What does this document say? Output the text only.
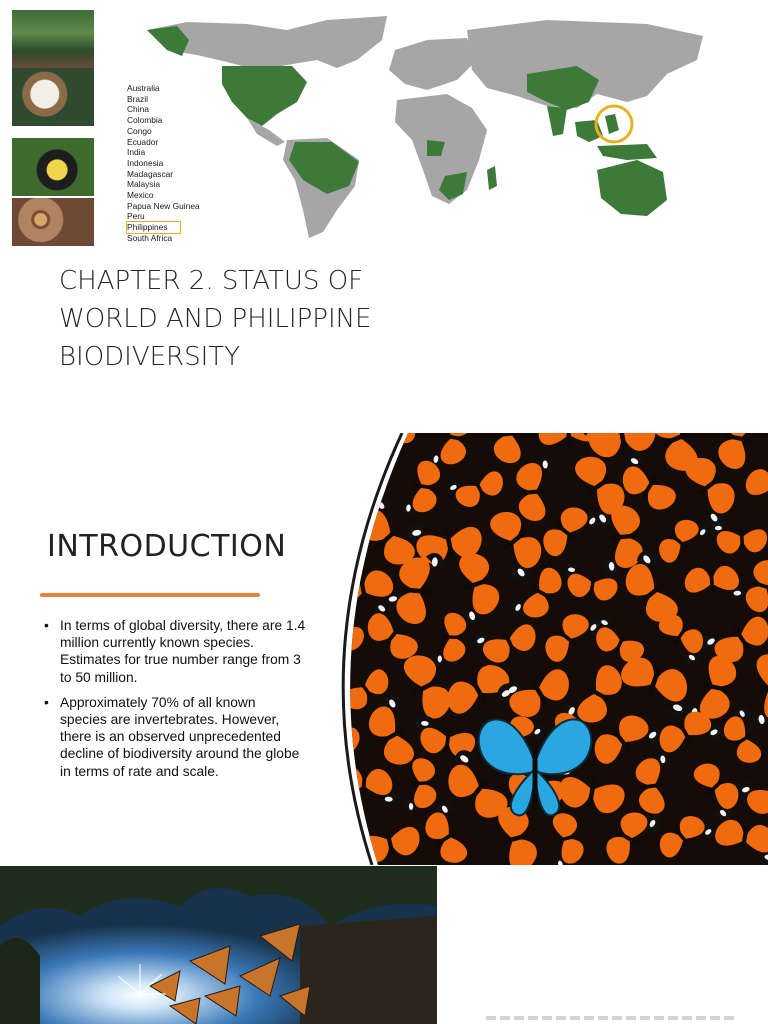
Australia
Brazil
China
Colombia
Congo
Ecuador
India
Indonesia
Madagascar
Malaysia
Mexico
Papua New Guinea
Peru
Philippines
South Africa
CHAPTER 2. STATUS OF
WORLD AND PHILIPPINE
BIODIVERSITY
INTRODUCTION
• In terms of global diversity, there are 1.4 million currently known species. Estimates for true number range from 3 to 50 million.
• Approximately 70% of all known species are invertebrates. However, there is an observed unprecedented decline of biodiversity around the globe in terms of rate and scale.
